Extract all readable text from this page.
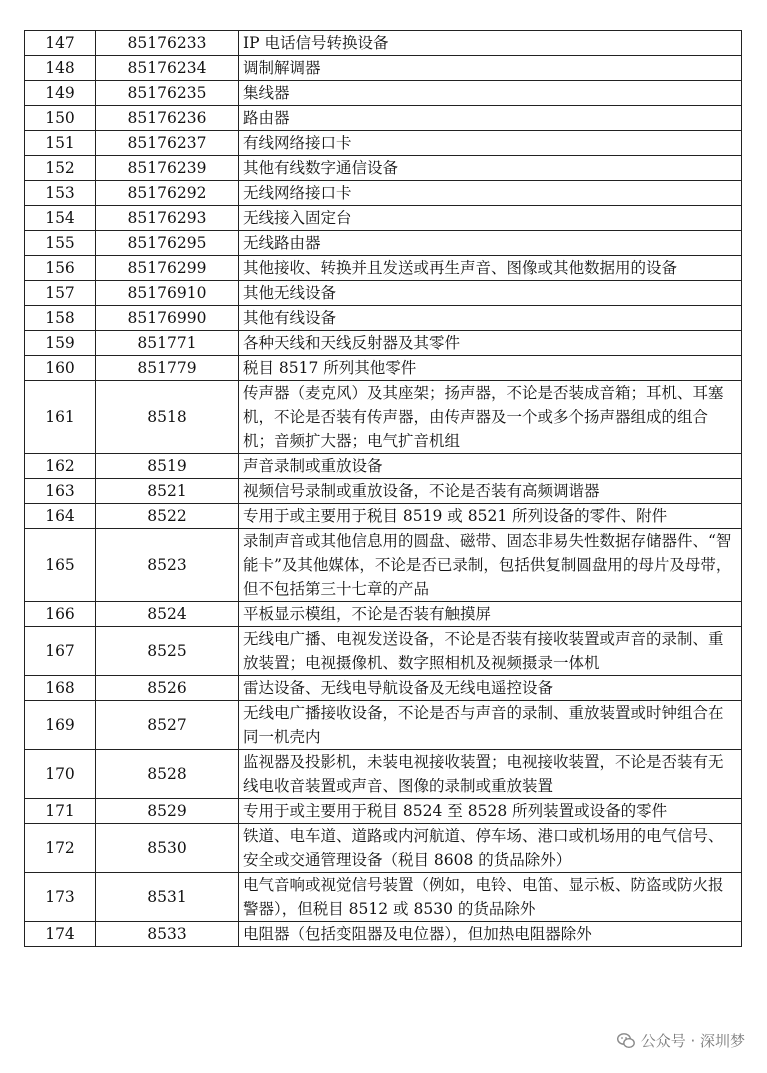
147	85176233	IP 电话信号转换设备
148	85176234	调制解调器
149	85176235	集线器
150	85176236	路由器
151	85176237	有线网络接口卡
152	85176239	其他有线数字通信设备
153	85176292	无线网络接口卡
154	85176293	无线接入固定台
155	85176295	无线路由器
156	85176299	其他接收、转换并且发送或再生声音、图像或其他数据用的设备
157	85176910	其他无线设备
158	85176990	其他有线设备
159	851771	各种天线和天线反射器及其零件
160	851779	税目 8517 所列其他零件
161	8518	传声器（麦克风）及其座架；扬声器，不论是否装成音箱；耳机、耳塞机，不论是否装有传声器，由传声器及一个或多个扬声器组成的组合机；音频扩大器；电气扩音机组
162	8519	声音录制或重放设备
163	8521	视频信号录制或重放设备，不论是否装有高频调谐器
164	8522	专用于或主要用于税目 8519 或 8521 所列设备的零件、附件
165	8523	录制声音或其他信息用的圆盘、磁带、固态非易失性数据存储器件、“智能卡”及其他媒体，不论是否已录制，包括供复制圆盘用的母片及母带，但不包括第三十七章的产品
166	8524	平板显示模组，不论是否装有触摸屏
167	8525	无线电广播、电视发送设备，不论是否装有接收装置或声音的录制、重放装置；电视摄像机、数字照相机及视频摄录一体机
168	8526	雷达设备、无线电导航设备及无线电遥控设备
169	8527	无线电广播接收设备，不论是否与声音的录制、重放装置或时钟组合在同一机壳内
170	8528	监视器及投影机，未装电视接收装置；电视接收装置，不论是否装有无线电收音装置或声音、图像的录制或重放装置
171	8529	专用于或主要用于税目 8524 至 8528 所列装置或设备的零件
172	8530	铁道、电车道、道路或内河航道、停车场、港口或机场用的电气信号、安全或交通管理设备（税目 8608 的货品除外）
173	8531	电气音响或视觉信号装置（例如，电铃、电笛、显示板、防盗或防火报警器），但税目 8512 或 8530 的货品除外
174	8533	电阻器（包括变阻器及电位器），但加热电阻器除外
公众号 · 深圳梦
